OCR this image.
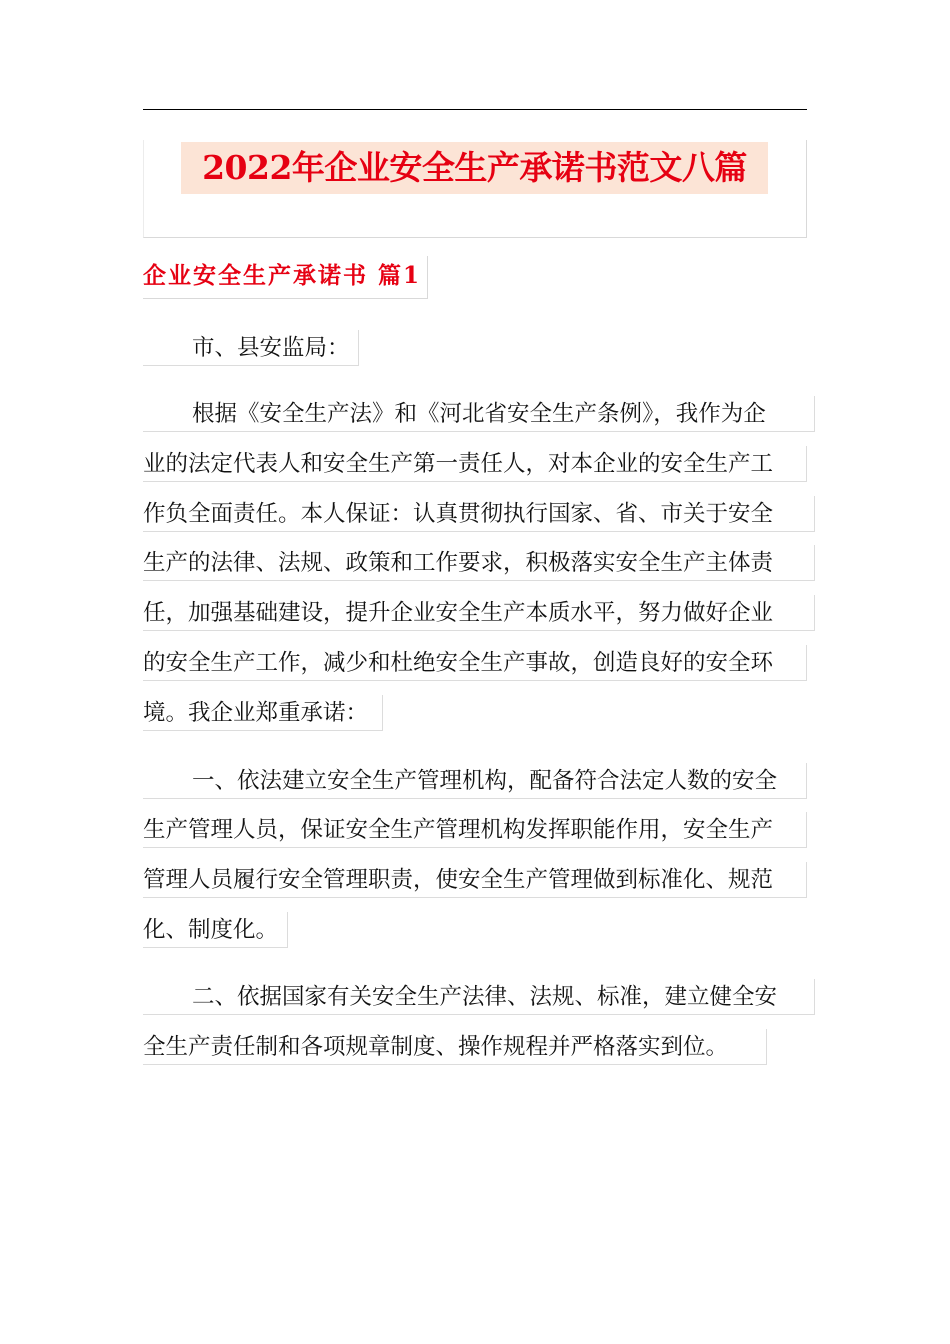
2022年企业安全生产承诺书范文八篇
企业安全生产承诺书 篇1
市、县安监局：
根据《安全生产法》和《河北省安全生产条例》，我作为企
业的法定代表人和安全生产第一责任人，对本企业的安全生产工
作负全面责任。本人保证：认真贯彻执行国家、省、市关于安全
生产的法律、法规、政策和工作要求，积极落实安全生产主体责
任，加强基础建设，提升企业安全生产本质水平，努力做好企业
的安全生产工作，减少和杜绝安全生产事故，创造良好的安全环
境。我企业郑重承诺：
一、依法建立安全生产管理机构，配备符合法定人数的安全
生产管理人员，保证安全生产管理机构发挥职能作用，安全生产
管理人员履行安全管理职责，使安全生产管理做到标准化、规范
化、制度化。
二、依据国家有关安全生产法律、法规、标准，建立健全安
全生产责任制和各项规章制度、操作规程并严格落实到位。
